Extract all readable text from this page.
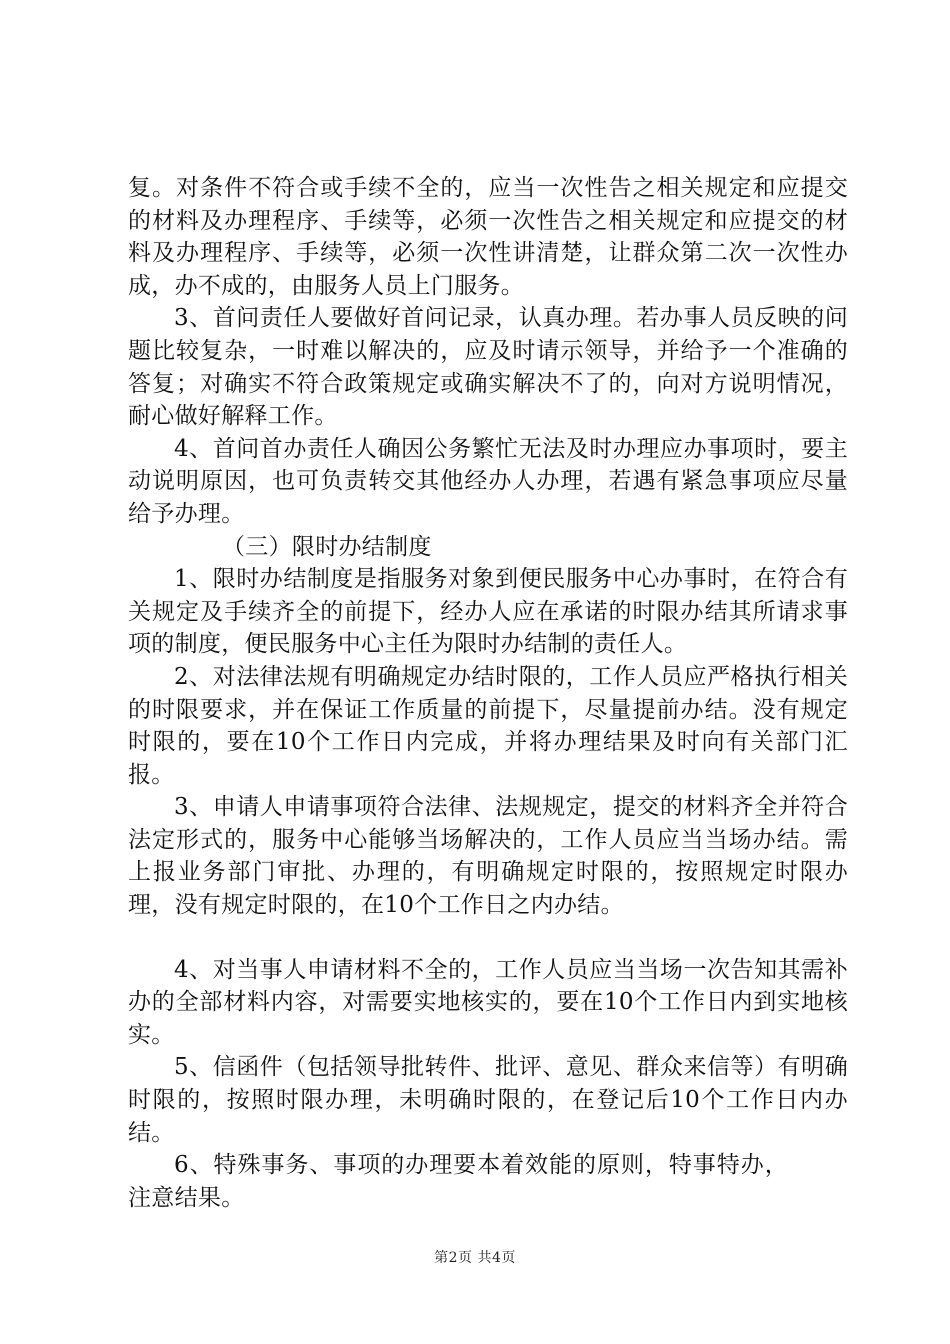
复。对条件不符合或手续不全的，应当一次性告之相关规定和应提交的材料及办理程序、手续等，必须一次性告之相关规定和应提交的材料及办理程序、手续等，必须一次性讲清楚，让群众第二次一次性办成，办不成的，由服务人员上门服务。

3、首问责任人要做好首问记录，认真办理。若办事人员反映的问题比较复杂，一时难以解决的，应及时请示领导，并给予一个准确的答复；对确实不符合政策规定或确实解决不了的，向对方说明情况，耐心做好解释工作。

4、首问首办责任人确因公务繁忙无法及时办理应办事项时，要主动说明原因，也可负责转交其他经办人办理，若遇有紧急事项应尽量给予办理。

（三）限时办结制度

1、限时办结制度是指服务对象到便民服务中心办事时，在符合有关规定及手续齐全的前提下，经办人应在承诺的时限办结其所请求事项的制度，便民服务中心主任为限时办结制的责任人。

2、对法律法规有明确规定办结时限的，工作人员应严格执行相关的时限要求，并在保证工作质量的前提下，尽量提前办结。没有规定时限的，要在10个工作日内完成，并将办理结果及时向有关部门汇报。

3、申请人申请事项符合法律、法规规定，提交的材料齐全并符合法定形式的，服务中心能够当场解决的，工作人员应当当场办结。需上报业务部门审批、办理的，有明确规定时限的，按照规定时限办理，没有规定时限的，在10个工作日之内办结。

4、对当事人申请材料不全的，工作人员应当当场一次告知其需补办的全部材料内容，对需要实地核实的，要在10个工作日内到实地核实。

5、信函件（包括领导批转件、批评、意见、群众来信等）有明确时限的，按照时限办理，未明确时限的，在登记后10个工作日内办结。

6、特殊事务、事项的办理要本着效能的原则，特事特办，注意结果。

第2页 共4页
